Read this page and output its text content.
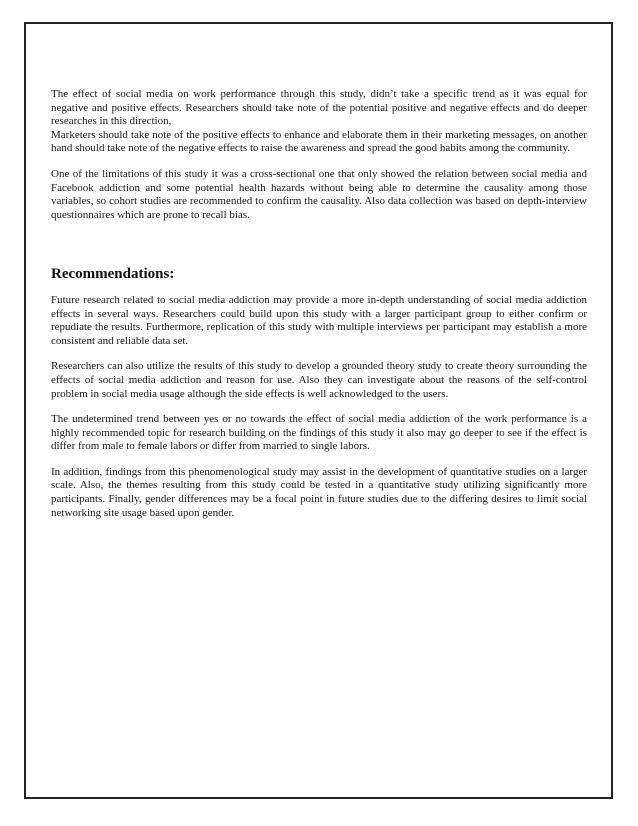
The effect of social media on work performance through this study, didn’t take a specific trend as it was equal for negative and positive effects. Researchers should take note of the potential positive and negative effects and do deeper researches in this direction,
Marketers should take note of the positive effects to enhance and elaborate them in their marketing messages, on another hand should take note of the negative effects to raise the awareness and spread the good habits among the community.

One of the limitations of this study it was a cross-sectional one that only showed the relation between social media and Facebook addiction and some potential health hazards without being able to determine the causality among those variables, so cohort studies are recommended to confirm the causality. Also data collection was based on depth-interview questionnaires which are prone to recall bias.

Recommendations:

Future research related to social media addiction may provide a more in-depth understanding of social media addiction effects in several ways. Researchers could build upon this study with a larger participant group to either confirm or repudiate the results. Furthermore, replication of this study with multiple interviews per participant may establish a more consistent and reliable data set.

Researchers can also utilize the results of this study to develop a grounded theory study to create theory surrounding the effects of social media addiction and reason for use. Also they can investigate about the reasons of the self-control problem in social media usage although the side effects is well acknowledged to the users.

The undetermined trend between yes or no towards the effect of social media addiction of the work performance is a highly recommended topic for research building on the findings of this study it also may go deeper to see if the effect is differ from male to female labors or differ from married to single labors.

In addition, findings from this phenomenological study may assist in the development of quantitative studies on a larger scale. Also, the themes resulting from this study could be tested in a quantitative study utilizing significantly more participants. Finally, gender differences may be a focal point in future studies due to the differing desires to limit social networking site usage based upon gender.
